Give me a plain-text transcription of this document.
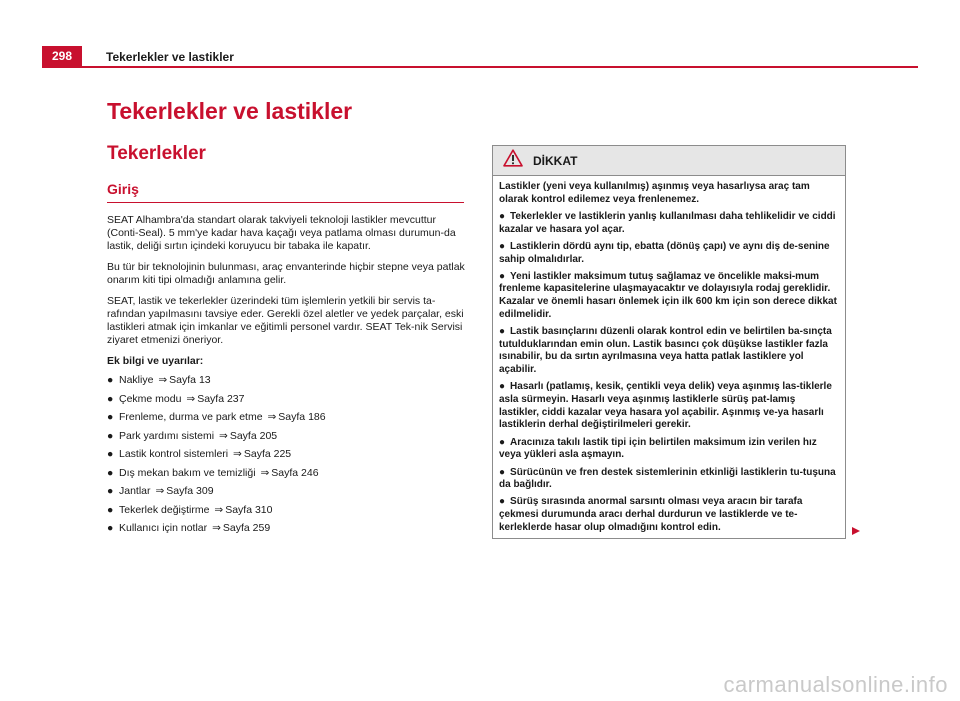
298	Tekerlekler ve lastikler
Tekerlekler ve lastikler
Tekerlekler
Giriş

SEAT Alhambra'da standart olarak takviyeli teknoloji lastikler mevcuttur (Conti-Seal). 5 mm'ye kadar hava kaçağı veya patlama olması durumun-da lastik, deliği sırtın içindeki koruyucu bir tabaka ile kapatır.

Bu tür bir teknolojinin bulunması, araç envanterinde hiçbir stepne veya patlak onarım kiti tipi olmadığı anlamına gelir.

SEAT, lastik ve tekerlekler üzerindeki tüm işlemlerin yetkili bir servis ta-rafından yapılmasını tavsiye eder. Gerekli özel aletler ve yedek parçalar, eski lastikleri atmak için imkanlar ve eğitimli personel vardır. SEAT Tek-nik Servisi ziyaret etmenizi öneriyor.

Ek bilgi ve uyarılar:
● Nakliye ⇒ Sayfa 13
● Çekme modu ⇒ Sayfa 237
● Frenleme, durma ve park etme ⇒ Sayfa 186
● Park yardımı sistemi ⇒ Sayfa 205
● Lastik kontrol sistemleri ⇒ Sayfa 225
● Dış mekan bakım ve temizliği ⇒ Sayfa 246
● Jantlar ⇒ Sayfa 309
● Tekerlek değiştirme ⇒ Sayfa 310
● Kullanıcı için notlar ⇒ Sayfa 259
DİKKAT

Lastikler (yeni veya kullanılmış) aşınmış veya hasarlıysa araç tam olarak kontrol edilemez veya frenlenemez.

● Tekerlekler ve lastiklerin yanlış kullanılması daha tehlikelidir ve ciddi kazalar ve hasara yol açar.

● Lastiklerin dördü aynı tip, ebatta (dönüş çapı) ve aynı diş de-senine sahip olmalıdırlar.

● Yeni lastikler maksimum tutuş sağlamaz ve öncelikle maksi-mum frenleme kapasitelerine ulaşmayacaktır ve dolayısıyla rodaj gereklidir. Kazalar ve önemli hasarı önlemek için ilk 600 km için son derece dikkat edilmelidir.

● Lastik basınçlarını düzenli olarak kontrol edin ve belirtilen ba-sınçta tutulduklarından emin olun. Lastik basıncı çok düşükse lastikler fazla ısınabilir, bu da sırtın ayrılmasına veya hatta patlak lastiklere yol açabilir.

● Hasarlı (patlamış, kesik, çentikli veya delik) veya aşınmış las-tiklerle asla sürmeyin. Hasarlı veya aşınmış lastiklerle sürüş pat-lamış lastikler, ciddi kazalar veya hasara yol açabilir. Aşınmış ve-ya hasarlı lastiklerin derhal değiştirilmeleri gerekir.

● Aracınıza takılı lastik tipi için belirtilen maksimum izin verilen hız veya yükleri asla aşmayın.

● Sürücünün ve fren destek sistemlerinin etkinliği lastiklerin tu-tuşuna da bağlıdır.

● Sürüş sırasında anormal sarsıntı olması veya aracın bir tarafa çekmesi durumunda aracı derhal durdurun ve lastiklerde ve te-kerleklerde hasar olup olmadığını kontrol edin.

carmanualsonline.info
